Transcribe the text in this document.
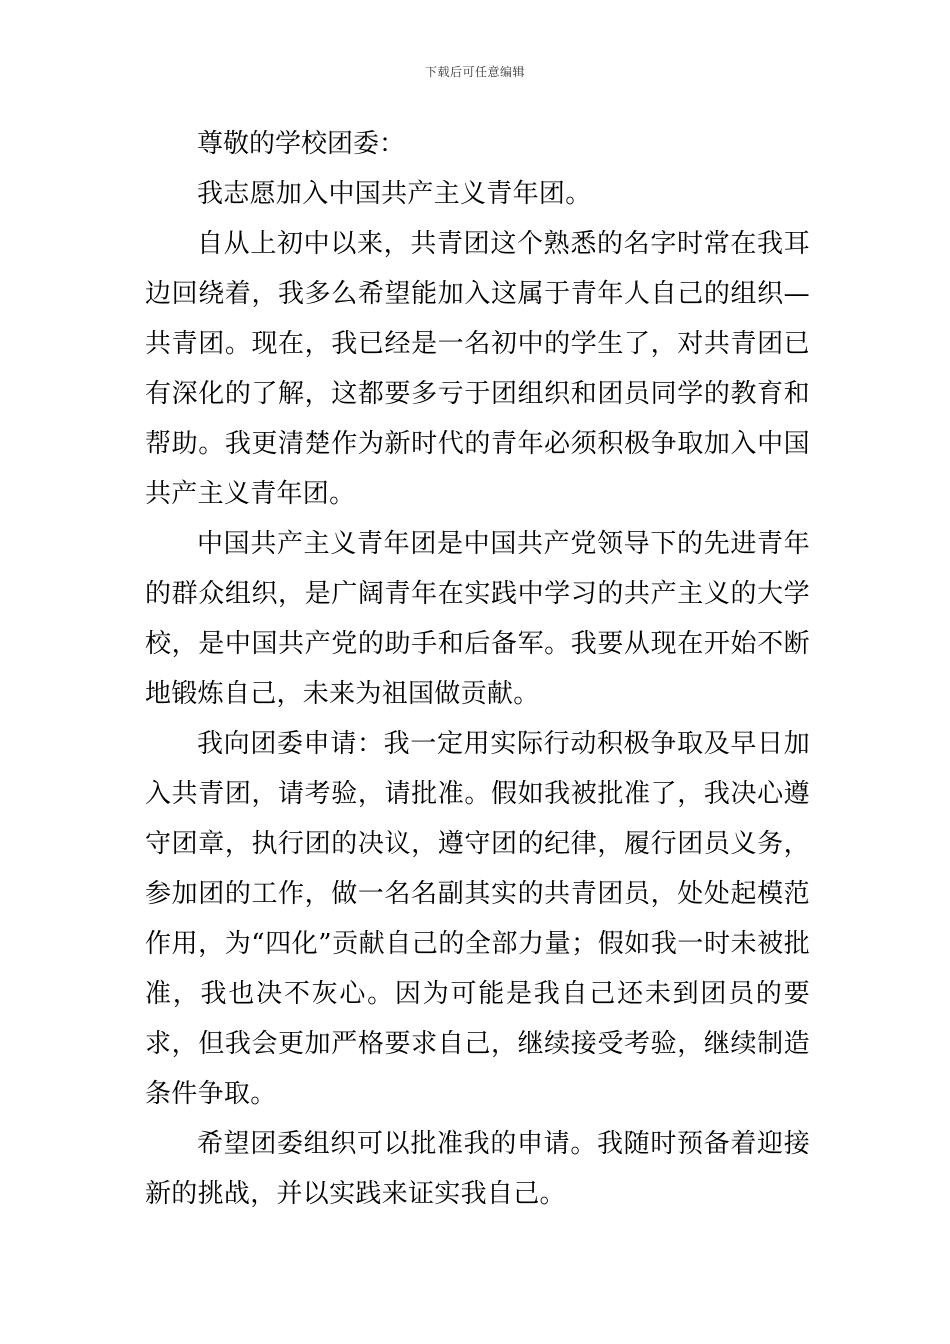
下载后可任意编辑

尊敬的学校团委：

我志愿加入中国共产主义青年团。

自从上初中以来，共青团这个熟悉的名字时常在我耳边回绕着，我多么希望能加入这属于青年人自己的组织—共青团。现在，我已经是一名初中的学生了，对共青团已有深化的了解，这都要多亏于团组织和团员同学的教育和帮助。我更清楚作为新时代的青年必须积极争取加入中国共产主义青年团。

中国共产主义青年团是中国共产党领导下的先进青年的群众组织，是广阔青年在实践中学习的共产主义的大学校，是中国共产党的助手和后备军。我要从现在开始不断地锻炼自己，未来为祖国做贡献。

我向团委申请：我一定用实际行动积极争取及早日加入共青团，请考验，请批准。假如我被批准了，我决心遵守团章，执行团的决议，遵守团的纪律，履行团员义务，参加团的工作，做一名名副其实的共青团员，处处起模范作用，为“四化”贡献自己的全部力量；假如我一时未被批准，我也决不灰心。因为可能是我自己还未到团员的要求，但我会更加严格要求自己，继续接受考验，继续制造条件争取。

希望团委组织可以批准我的申请。我随时预备着迎接新的挑战，并以实践来证实我自己。
